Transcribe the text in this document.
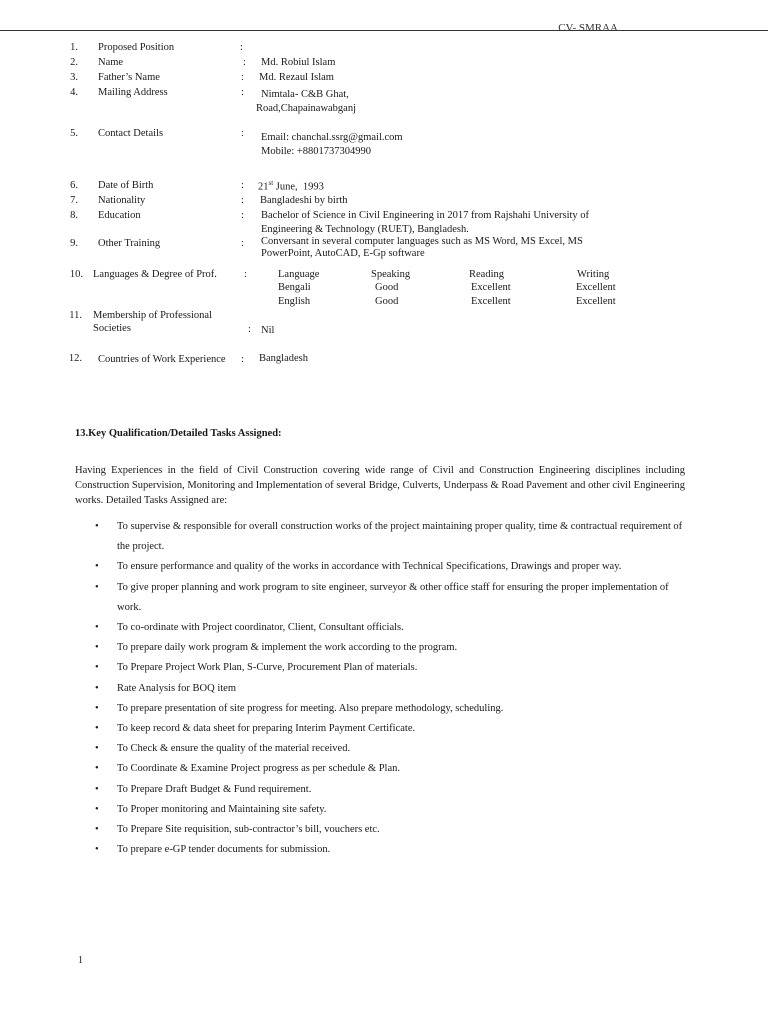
CV- SMRAA
1. Proposed Position	:
2. Name	: Md. Robiul Islam
3. Father’s Name	: Md. Rezaul Islam
4. Mailing Address	: Nimtala- C&B Ghat,
Road,Chapainawabganj
5. Contact Details	: Email: chanchal.ssrg@gmail.com
Mobile: +8801737304990
6. Date of Birth	: 21st June,  1993
7. Nationality	: Bangladeshi by birth
8. Education	: Bachelor of Science in Civil Engineering in 2017 from Rajshahi University of
Engineering & Technology (RUET), Bangladesh.
9. Other Training	: Conversant in several computer languages such as MS Word, MS Excel, MS
PowerPoint, AutoCAD, E-Gp software
10. Languages & Degree of Prof.	:	Language	Speaking	Reading	Writing
Bengali	Good	Excellent	Excellent
English	Good	Excellent	Excellent
11. Membership of Professional
Societies	: Nil
12. Countries of Work Experience : Bangladesh
13.Key Qualification/Detailed Tasks Assigned:
Having Experiences in the field of Civil Construction covering wide range of Civil and Construction Engineering disciplines including Construction Supervision, Monitoring and Implementation of several Bridge, Culverts, Underpass & Road Pavement and other civil Engineering works. Detailed Tasks Assigned are:
• To supervise & responsible for overall construction works of the project maintaining proper quality, time & contractual requirement of the project.
• To ensure performance and quality of the works in accordance with Technical Specifications, Drawings and proper way.
• To give proper planning and work program to site engineer, surveyor & other office staff for ensuring the proper implementation of work.
• To co-ordinate with Project coordinator, Client, Consultant officials.
• To prepare daily work program & implement the work according to the program.
• To Prepare Project Work Plan, S-Curve, Procurement Plan of materials.
• Rate Analysis for BOQ item
• To prepare presentation of site progress for meeting. Also prepare methodology, scheduling.
• To keep record & data sheet for preparing Interim Payment Certificate.
• To Check & ensure the quality of the material received.
• To Coordinate & Examine Project progress as per schedule & Plan.
• To Prepare Draft Budget & Fund requirement.
• To Proper monitoring and Maintaining site safety.
• To Prepare Site requisition, sub-contractor’s bill, vouchers etc.
• To prepare e-GP tender documents for submission.
1
